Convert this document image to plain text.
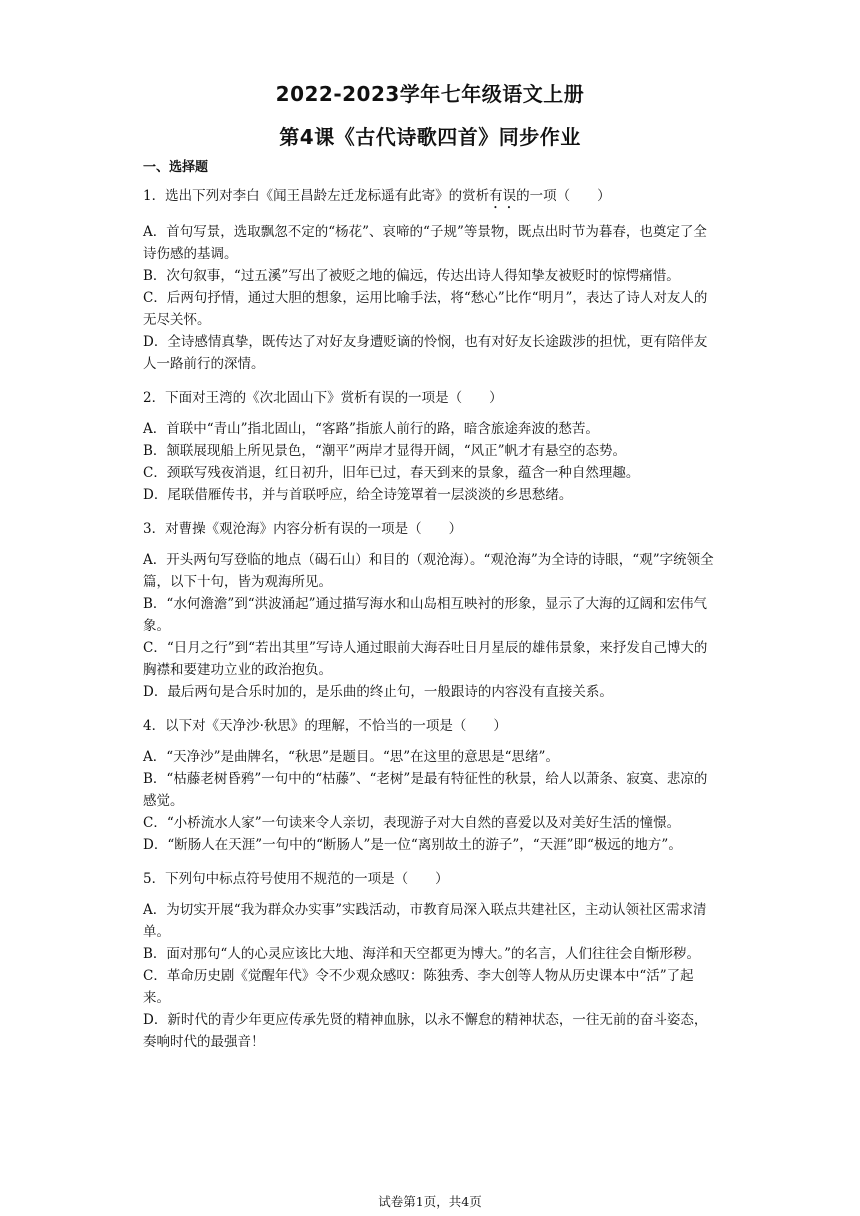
2022-2023学年七年级语文上册
第4课《古代诗歌四首》同步作业
一、选择题

1．选出下列对李白《闻王昌龄左迁龙标遥有此寄》的赏析有误的一项（　　）

A．首句写景，选取飘忽不定的“杨花”、哀啼的“子规”等景物，既点出时节为暮春，也奠定了全诗伤感的基调。

B．次句叙事，“过五溪”写出了被贬之地的偏远，传达出诗人得知挚友被贬时的惊愕痛惜。

C．后两句抒情，通过大胆的想象，运用比喻手法，将“愁心”比作“明月”，表达了诗人对友人的无尽关怀。

D．全诗感情真挚，既传达了对好友身遭贬谪的怜悯，也有对好友长途跋涉的担忧，更有陪伴友人一路前行的深情。

2．下面对王湾的《次北固山下》赏析有误的一项是（　　）

A．首联中“青山”指北固山，“客路”指旅人前行的路，暗含旅途奔波的愁苦。

B．颔联展现船上所见景色，“潮平”两岸才显得开阔，“风正”帆才有悬空的态势。

C．颈联写残夜消退，红日初升，旧年已过，春天到来的景象，蕴含一种自然理趣。

D．尾联借雁传书，并与首联呼应，给全诗笼罩着一层淡淡的乡思愁绪。

3．对曹操《观沧海》内容分析有误的一项是（　　）

A．开头两句写登临的地点（碣石山）和目的（观沧海）。“观沧海”为全诗的诗眼，“观”字统领全篇，以下十句，皆为观海所见。

B．“水何澹澹”到“洪波涌起”通过描写海水和山岛相互映衬的形象，显示了大海的辽阔和宏伟气象。

C．“日月之行”到“若出其里”写诗人通过眼前大海吞吐日月星辰的雄伟景象，来抒发自己博大的胸襟和要建功立业的政治抱负。

D．最后两句是合乐时加的，是乐曲的终止句，一般跟诗的内容没有直接关系。

4．以下对《天净沙·秋思》的理解，不恰当的一项是（　　）

A．“天净沙”是曲牌名，“秋思”是题目。“思”在这里的意思是“思绪”。

B．“枯藤老树昏鸦”一句中的“枯藤”、“老树”是最有特征性的秋景，给人以萧条、寂寞、悲凉的感觉。

C．“小桥流水人家”一句读来令人亲切，表现游子对大自然的喜爱以及对美好生活的憧憬。

D．“断肠人在天涯”一句中的“断肠人”是一位“离别故土的游子”，“天涯”即“极远的地方”。

5．下列句中标点符号使用不规范的一项是（　　）

A．为切实开展“我为群众办实事”实践活动，市教育局深入联点共建社区，主动认领社区需求清单。

B．面对那句“人的心灵应该比大地、海洋和天空都更为博大。”的名言，人们往往会自惭形秽。

C．革命历史剧《觉醒年代》令不少观众感叹：陈独秀、李大创等人物从历史课本中“活”了起来。

D．新时代的青少年更应传承先贤的精神血脉，以永不懈怠的精神状态，一往无前的奋斗姿态，奏响时代的最强音！

试卷第1页，共4页
